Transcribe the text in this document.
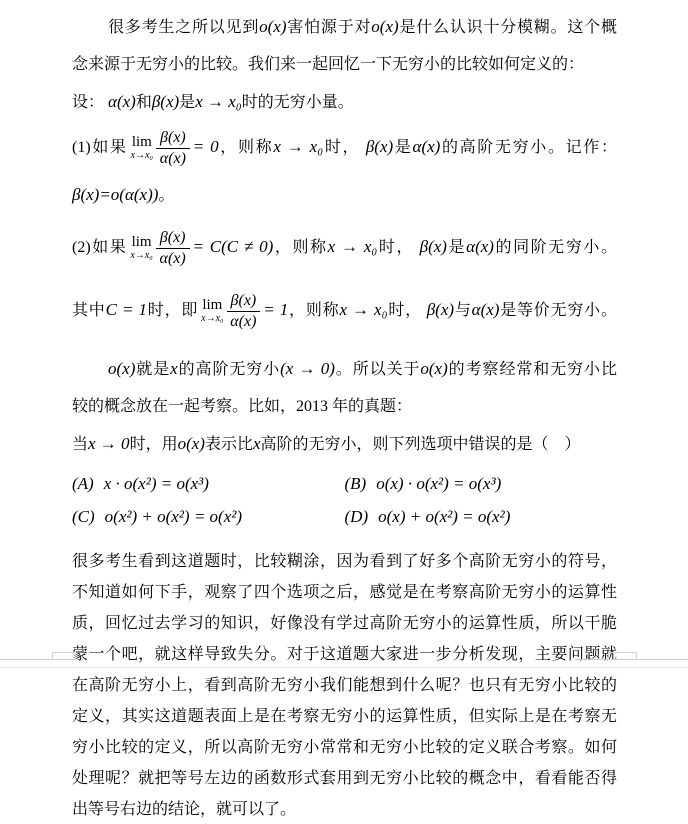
很多考生之所以见到o(x)害怕源于对o(x)是什么认识十分模糊。这个概
念来源于无穷小的比较。我们来一起回忆一下无穷小的比较如何定义的：
设： α(x)和β(x)是x → x₀时的无穷小量。
(1)如果 lim
$x\to x_0 \frac{\beta(x)}{\alpha(x)} = 0$，则称x → x₀时， β(x)是α(x)的高阶无穷小。记作：
β(x)=o(α(x))。
(2)如果 lim
$x\to x_0 \frac{\beta(x)}{\alpha(x)} = C(C \ne 0)$，则称x → x₀时， β(x)是α(x)的同阶无穷小。
其中C = 1时，即 lim
$x\to x_0 \frac{\beta(x)}{\alpha(x)} = 1$，则称x → x₀时， β(x)与α(x)是等价无穷小。
o(x)就是x的高阶无穷小(x → 0)。所以关于o(x)的考察经常和无穷小比
较的概念放在一起考察。比如，2013 年的真题：
当x → 0时，用o(x)表示比x高阶的无穷小，则下列选项中错误的是（　）
(A) x · o(x²) = o(x³)	(B) o(x) · o(x²) = o(x³)
(C) o(x²) + o(x²) = o(x²)	(D) o(x) + o(x²) = o(x²)
很多考生看到这道题时，比较糊涂，因为看到了好多个高阶无穷小的符号，
不知道如何下手，观察了四个选项之后，感觉是在考察高阶无穷小的运算性
质，回忆过去学习的知识，好像没有学过高阶无穷小的运算性质，所以干脆
蒙一个吧，就这样导致失分。对于这道题大家进一步分析发现，主要问题就
在高阶无穷小上，看到高阶无穷小我们能想到什么呢？也只有无穷小比较的
定义，其实这道题表面上是在考察无穷小的运算性质，但实际上是在考察无
穷小比较的定义，所以高阶无穷小常常和无穷小比较的定义联合考察。如何
处理呢？就把等号左边的函数形式套用到无穷小比较的概念中，看看能否得
出等号右边的结论，就可以了。
